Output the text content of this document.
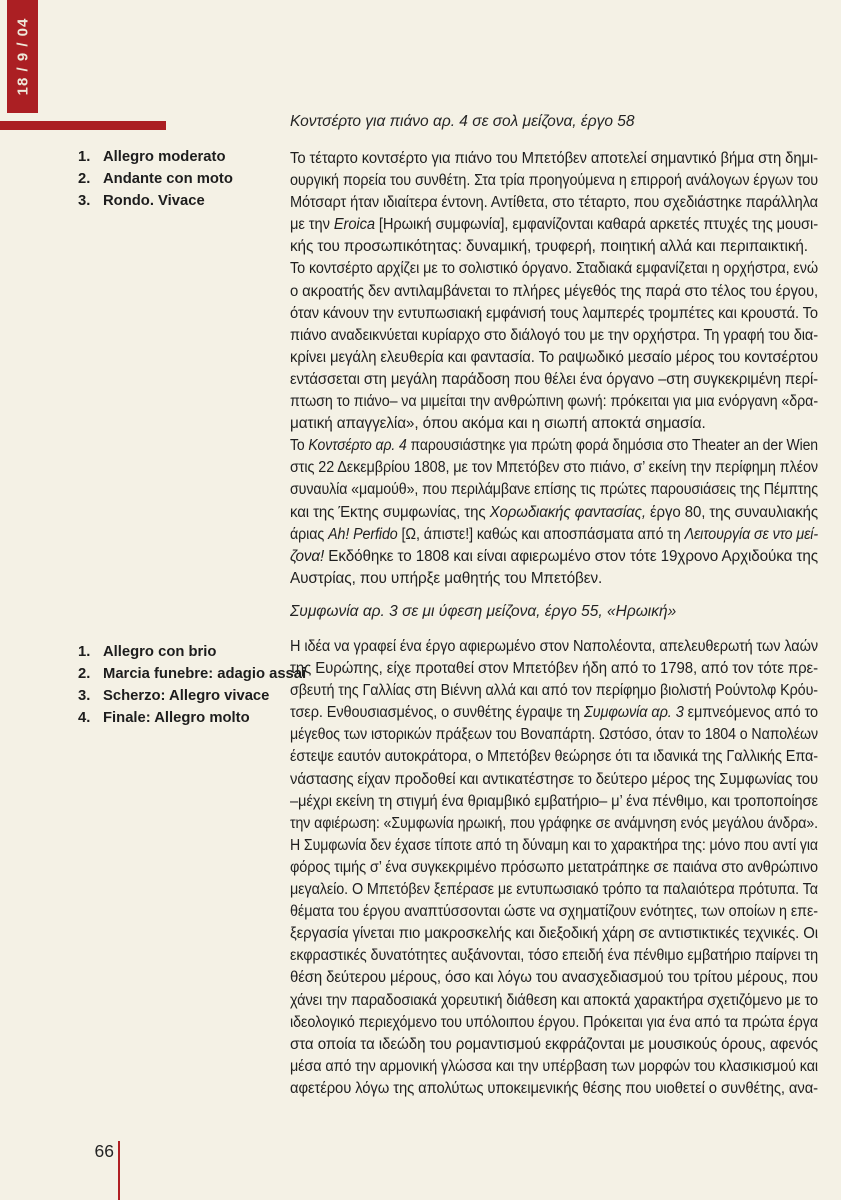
18 / 9 / 04
Κοντσέρτο για πιάνο αρ. 4 σε σολ μείζονα, έργο 58
1. Allegro moderato
2. Andante con moto
3. Rondo. Vivace
Το τέταρτο κοντσέρτο για πιάνο του Μπετόβεν αποτελεί σημαντικό βήμα στη δημι-
ουργική πορεία του συνθέτη. Στα τρία προηγούμενα η επιρροή ανάλογων έργων του
Μότσαρτ ήταν ιδιαίτερα έντονη. Αντίθετα, στο τέταρτο, που σχεδιάστηκε παράλληλα
με την Eroica [Ηρωική συμφωνία], εμφανίζονται καθαρά αρκετές πτυχές της μουσι-
κής του προσωπικότητας: δυναμική, τρυφερή, ποιητική αλλά και περιπαικτική.
Το κοντσέρτο αρχίζει με το σολιστικό όργανο. Σταδιακά εμφανίζεται η ορχήστρα, ενώ
ο ακροατής δεν αντιλαμβάνεται το πλήρες μέγεθός της παρά στο τέλος του έργου,
όταν κάνουν την εντυπωσιακή εμφάνισή τους λαμπερές τρομπέτες και κρουστά. Το
πιάνο αναδεικνύεται κυρίαρχο στο διάλογό του με την ορχήστρα. Τη γραφή του δια-
κρίνει μεγάλη ελευθερία και φαντασία. Το ραψωδικό μεσαίο μέρος του κοντσέρτου
εντάσσεται στη μεγάλη παράδοση που θέλει ένα όργανο –στη συγκεκριμένη περί-
πτωση το πιάνο– να μιμείται την ανθρώπινη φωνή: πρόκειται για μια ενόργανη «δρα-
ματική απαγγελία», όπου ακόμα και η σιωπή αποκτά σημασία.
Το Κοντσέρτο αρ. 4 παρουσιάστηκε για πρώτη φορά δημόσια στο Theater an der Wien
στις 22 Δεκεμβρίου 1808, με τον Μπετόβεν στο πιάνο, σ’ εκείνη την περίφημη πλέον
συναυλία «μαμούθ», που περιλάμβανε επίσης τις πρώτες παρουσιάσεις της Πέμπτης
και της Έκτης συμφωνίας, της Χορωδιακής φαντασίας, έργο 80, της συναυλιακής
άριας Ah! Perfido [Ω, άπιστε!] καθώς και αποσπάσματα από τη Λειτουργία σε ντο μεί-
ζονα! Εκδόθηκε το 1808 και είναι αφιερωμένο στον τότε 19χρονο Αρχιδούκα της
Αυστρίας, που υπήρξε μαθητής του Μπετόβεν.
Συμφωνία αρ. 3 σε μι ύφεση μείζονα, έργο 55, «Ηρωική»
1. Allegro con brio
2. Marcia funebre: adagio assai
3. Scherzo: Allegro vivace
4. Finale: Allegro molto
Η ιδέα να γραφεί ένα έργο αφιερωμένο στον Ναπολέοντα, απελευθερωτή των λαών
της Ευρώπης, είχε προταθεί στον Μπετόβεν ήδη από το 1798, από τον τότε πρε-
σβευτή της Γαλλίας στη Βιέννη αλλά και από τον περίφημο βιολιστή Ρούντολφ Κρόυ-
τσερ. Ενθουσιασμένος, ο συνθέτης έγραψε τη Συμφωνία αρ. 3 εμπνεόμενος από το
μέγεθος των ιστορικών πράξεων του Βοναπάρτη. Ωστόσο, όταν το 1804 ο Ναπολέων
έστεψε εαυτόν αυτοκράτορα, ο Μπετόβεν θεώρησε ότι τα ιδανικά της Γαλλικής Επα-
νάστασης είχαν προδοθεί και αντικατέστησε το δεύτερο μέρος της Συμφωνίας του
–μέχρι εκείνη τη στιγμή ένα θριαμβικό εμβατήριο– μ’ ένα πένθιμο, και τροποποίησε
την αφιέρωση: «Συμφωνία ηρωική, που γράφηκε σε ανάμνηση ενός μεγάλου άνδρα».
Η Συμφωνία δεν έχασε τίποτε από τη δύναμη και το χαρακτήρα της: μόνο που αντί για
φόρος τιμής σ’ ένα συγκεκριμένο πρόσωπο μετατράπηκε σε παιάνα στο ανθρώπινο
μεγαλείο. Ο Μπετόβεν ξεπέρασε με εντυπωσιακό τρόπο τα παλαιότερα πρότυπα. Τα
θέματα του έργου αναπτύσσονται ώστε να σχηματίζουν ενότητες, των οποίων η επε-
ξεργασία γίνεται πιο μακροσκελής και διεξοδική χάρη σε αντιστικτικές τεχνικές. Οι
εκφραστικές δυνατότητες αυξάνονται, τόσο επειδή ένα πένθιμο εμβατήριο παίρνει τη
θέση δεύτερου μέρους, όσο και λόγω του ανασχεδιασμού του τρίτου μέρους, που
χάνει την παραδοσιακά χορευτική διάθεση και αποκτά χαρακτήρα σχετιζόμενο με το
ιδεολογικό περιεχόμενο του υπόλοιπου έργου. Πρόκειται για ένα από τα πρώτα έργα
στα οποία τα ιδεώδη του ρομαντισμού εκφράζονται με μουσικούς όρους, αφενός
μέσα από την αρμονική γλώσσα και την υπέρβαση των μορφών του κλασικισμού και
αφετέρου λόγω της απολύτως υποκειμενικής θέσης που υιοθετεί ο συνθέτης, ανα-
66
